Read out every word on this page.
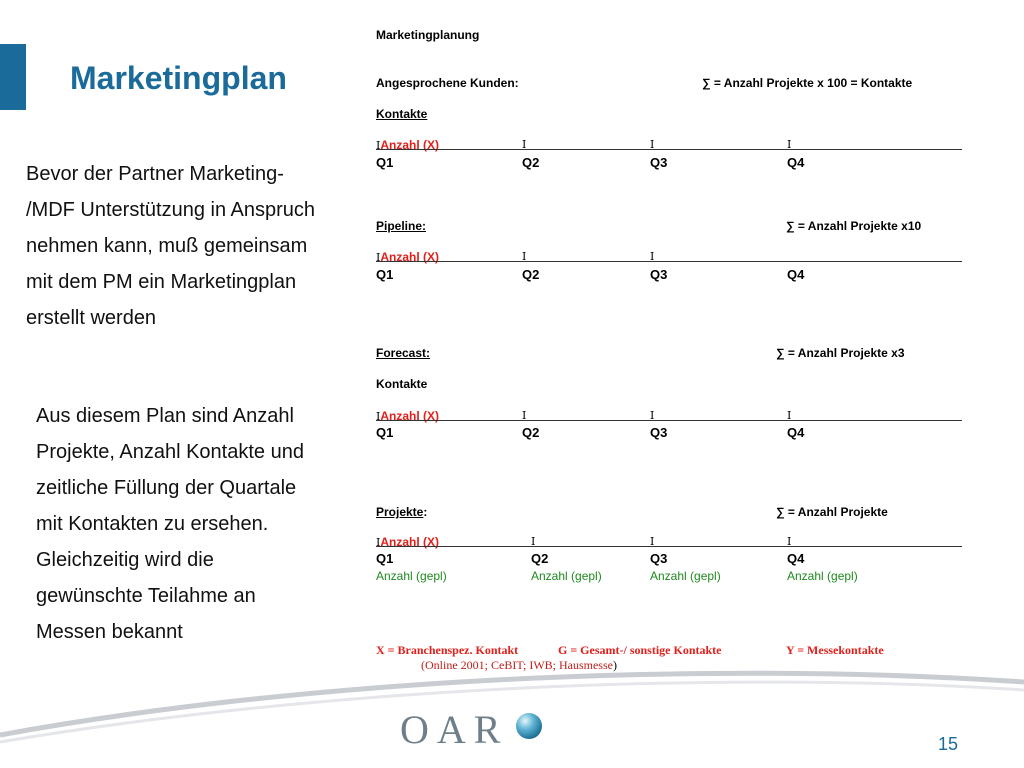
Marketingplan

Bevor der Partner Marketing-
/MDF Unterstützung in Anspruch
nehmen kann, muß gemeinsam
mit dem PM ein Marketingplan
erstellt werden

Aus diesem Plan sind Anzahl
Projekte, Anzahl Kontakte und
zeitliche Füllung der Quartale
mit Kontakten zu ersehen.
Gleichzeitig wird die
gewünschte Teilahme an
Messen bekannt

Marketingplanung
Angesprochene Kunden:	∑ = Anzahl Projekte x 100 = Kontakte
Kontakte
IAnzahl (X)	I	I	I
Q1	Q2	Q3	Q4
Pipeline:	∑ = Anzahl Projekte x10
IAnzahl (X)	I	I
Q1	Q2	Q3	Q4
Forecast:	∑ = Anzahl Projekte x3
Kontakte
IAnzahl (X)	I	I	I
Q1	Q2	Q3	Q4
Projekte:	∑ = Anzahl Projekte
IAnzahl (X)	I	I	I
Q1	Q2	Q3	Q4
Anzahl (gepl)	Anzahl (gepl)	Anzahl (gepl)	Anzahl (gepl)
X = Branchenspez. Kontakt	G = Gesamt-/ sonstige Kontakte	Y = Messekontakte
(Online 2001; CeBIT; IWB; Hausmesse)
OAR	15
